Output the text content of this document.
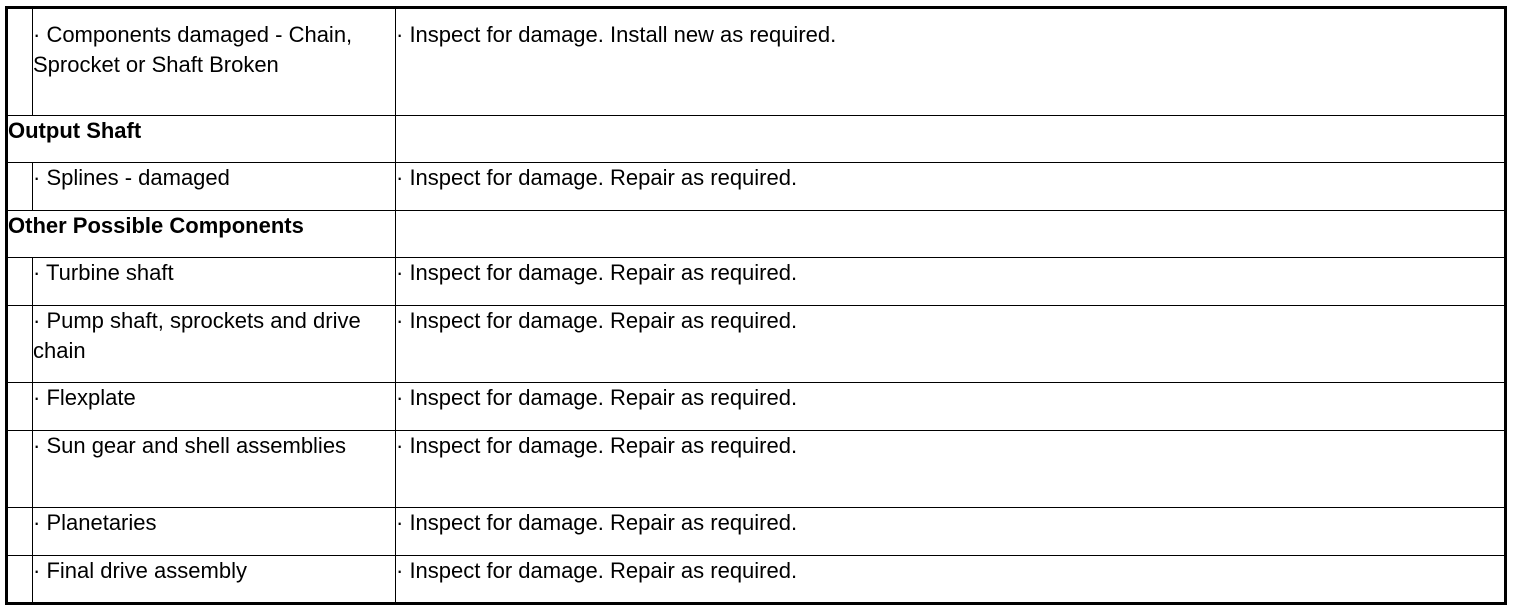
	· Components damaged - Chain, Sprocket or Shaft Broken	· Inspect for damage. Install new as required.
Output Shaft		
	· Splines - damaged	· Inspect for damage. Repair as required.
Other Possible Components		
	· Turbine shaft	· Inspect for damage. Repair as required.
	· Pump shaft, sprockets and drive chain	· Inspect for damage. Repair as required.
	· Flexplate	· Inspect for damage. Repair as required.
	· Sun gear and shell assemblies	· Inspect for damage. Repair as required.
	· Planetaries	· Inspect for damage. Repair as required.
	· Final drive assembly	· Inspect for damage. Repair as required.
